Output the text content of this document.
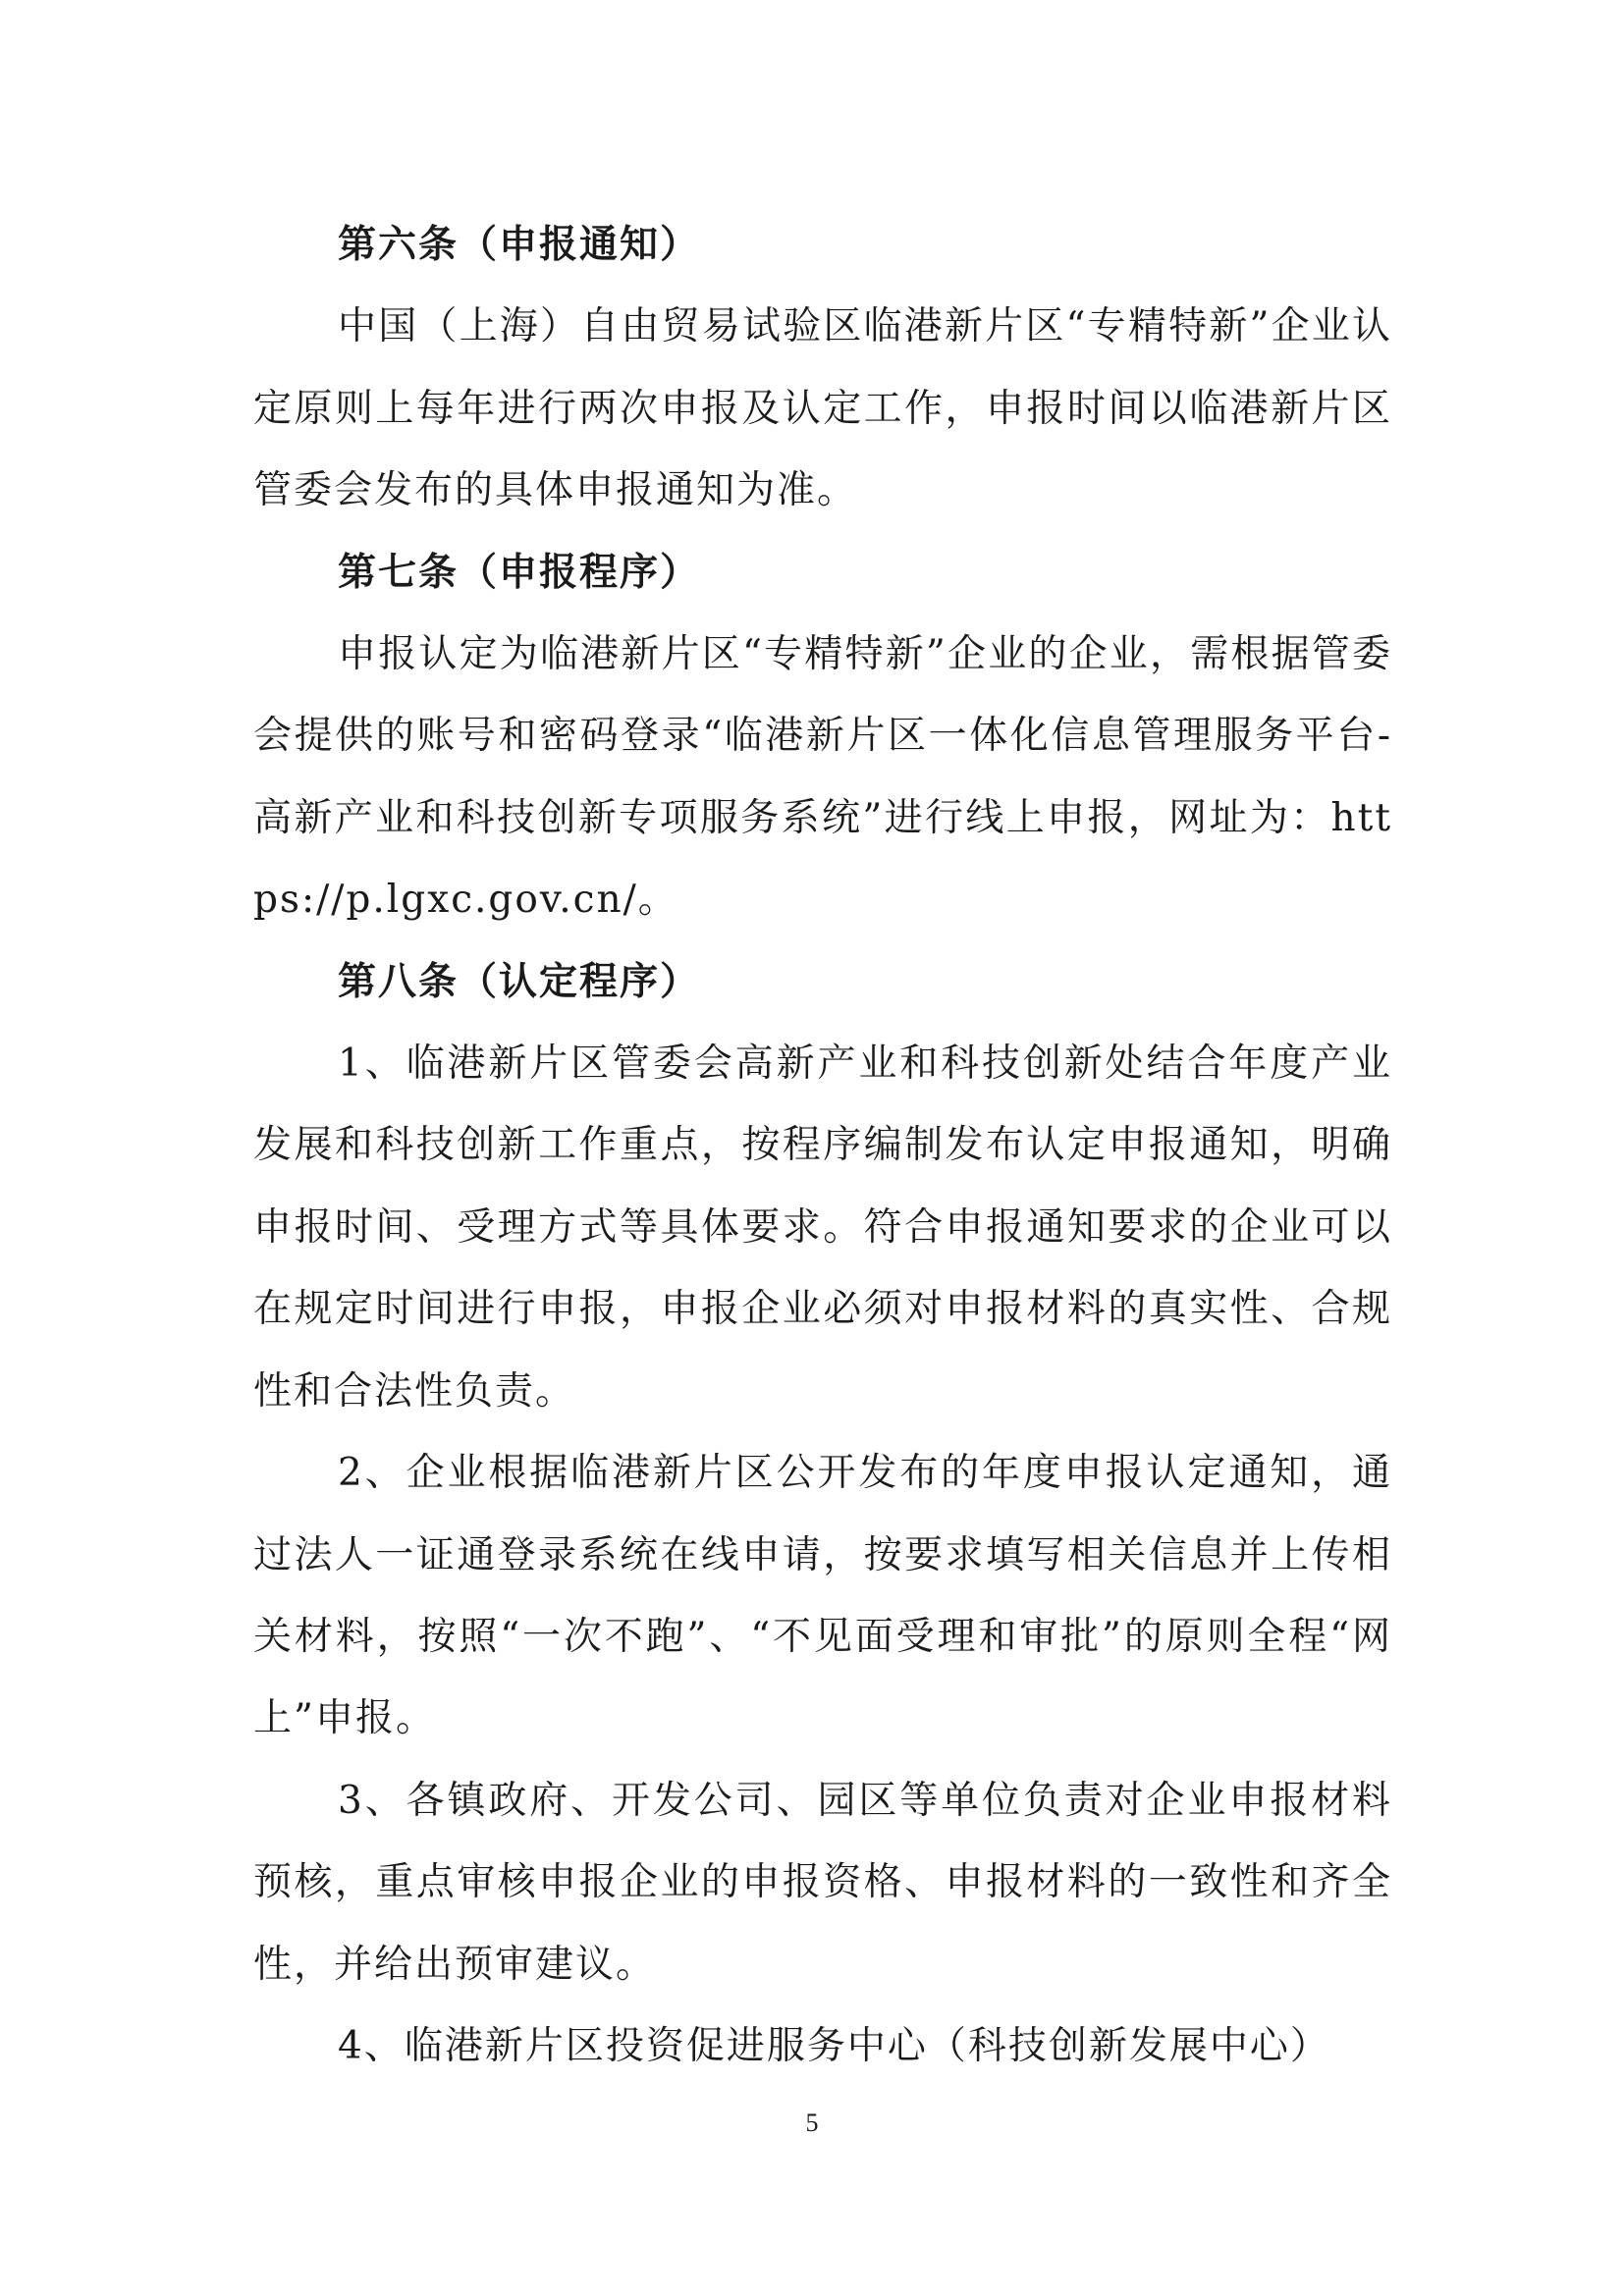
第六条（申报通知）

中国（上海）自由贸易试验区临港新片区“专精特新”企业认定原则上每年进行两次申报及认定工作，申报时间以临港新片区管委会发布的具体申报通知为准。

第七条（申报程序）

申报认定为临港新片区“专精特新”企业的企业，需根据管委会提供的账号和密码登录“临港新片区一体化信息管理服务平台-高新产业和科技创新专项服务系统”进行线上申报，网址为：https://p.lgxc.gov.cn/。

第八条（认定程序）

1、临港新片区管委会高新产业和科技创新处结合年度产业发展和科技创新工作重点，按程序编制发布认定申报通知，明确申报时间、受理方式等具体要求。符合申报通知要求的企业可以在规定时间进行申报，申报企业必须对申报材料的真实性、合规性和合法性负责。

2、企业根据临港新片区公开发布的年度申报认定通知，通过法人一证通登录系统在线申请，按要求填写相关信息并上传相关材料，按照“一次不跑”、“不见面受理和审批”的原则全程“网上”申报。

3、各镇政府、开发公司、园区等单位负责对企业申报材料预核，重点审核申报企业的申报资格、申报材料的一致性和齐全性，并给出预审建议。

4、临港新片区投资促进服务中心（科技创新发展中心）

5
